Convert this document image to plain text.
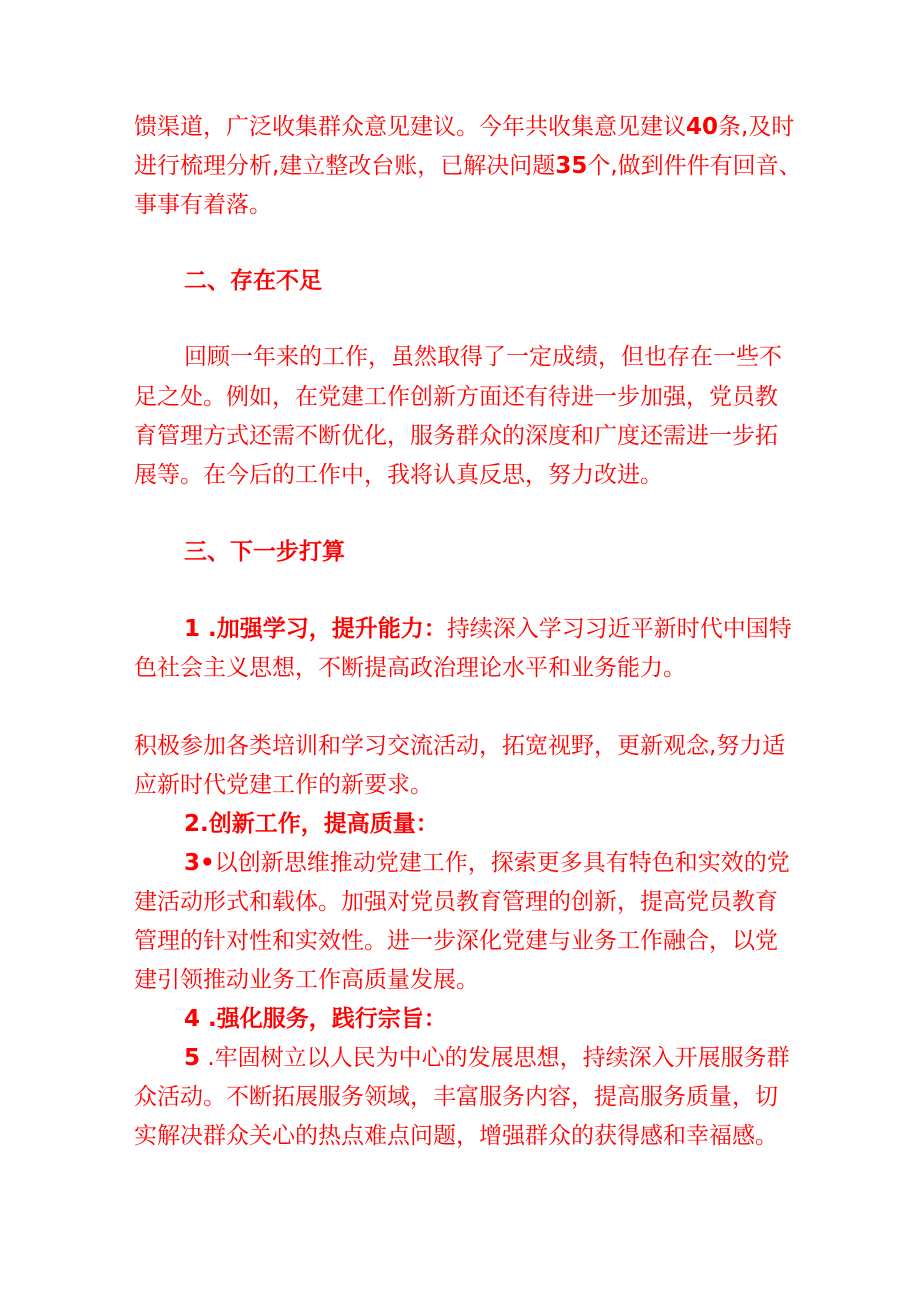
馈渠道，广泛收集群众意见建议。今年共收集意见建议40条,及时
进行梳理分析,建立整改台账，已解决问题35个,做到件件有回音、
事事有着落。
二、存在不足
回顾一年来的工作，虽然取得了一定成绩，但也存在一些不
足之处。例如，在党建工作创新方面还有待进一步加强，党员教
育管理方式还需不断优化，服务群众的深度和广度还需进一步拓
展等。在今后的工作中，我将认真反思，努力改进。
三、下一步打算
1 .加强学习，提升能力：持续深入学习习近平新时代中国特
色社会主义思想，不断提高政治理论水平和业务能力。
积极参加各类培训和学习交流活动，拓宽视野，更新观念,努力适
应新时代党建工作的新要求。
2.创新工作，提高质量：
3•以创新思维推动党建工作，探索更多具有特色和实效的党
建活动形式和载体。加强对党员教育管理的创新，提高党员教育
管理的针对性和实效性。进一步深化党建与业务工作融合，以党
建引领推动业务工作高质量发展。
4 .强化服务，践行宗旨：
5 .牢固树立以人民为中心的发展思想，持续深入开展服务群
众活动。不断拓展服务领域，丰富服务内容，提高服务质量，切
实解决群众关心的热点难点问题，增强群众的获得感和幸福感。
